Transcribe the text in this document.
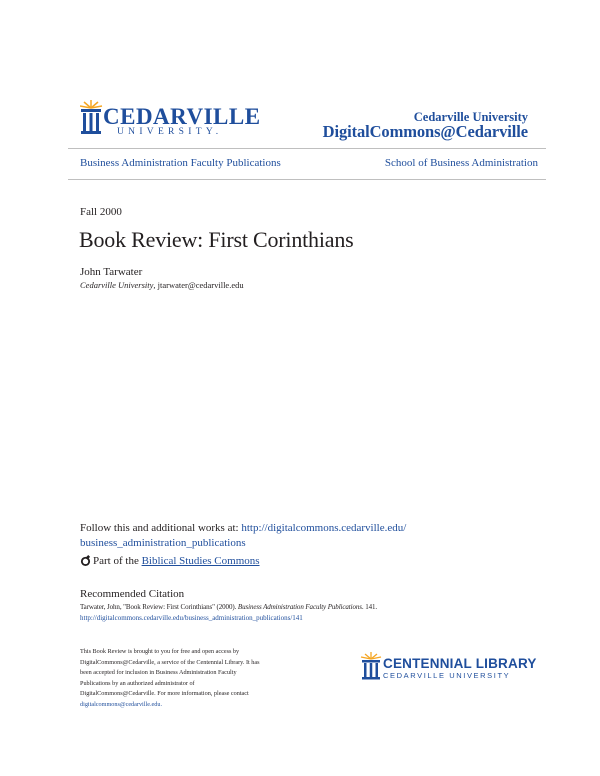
CEDARVILLE
UNIVERSITY.
Cedarville University
DigitalCommons@Cedarville
Business Administration Faculty Publications	School of Business Administration
Fall 2000
Book Review: First Corinthians
John Tarwater
Cedarville University, jtarwater@cedarville.edu
Follow this and additional works at: http://digitalcommons.cedarville.edu/
business_administration_publications
Part of the Biblical Studies Commons
Recommended Citation
Tarwater, John, "Book Review: First Corinthians" (2000). Business Administration Faculty Publications. 141.
http://digitalcommons.cedarville.edu/business_administration_publications/141
This Book Review is brought to you for free and open access by
DigitalCommons@Cedarville, a service of the Centennial Library. It has
been accepted for inclusion in Business Administration Faculty
Publications by an authorized administrator of
DigitalCommons@Cedarville. For more information, please contact
digitalcommons@cedarville.edu.
CENTENNIAL LIBRARY
CEDARVILLE UNIVERSITY
